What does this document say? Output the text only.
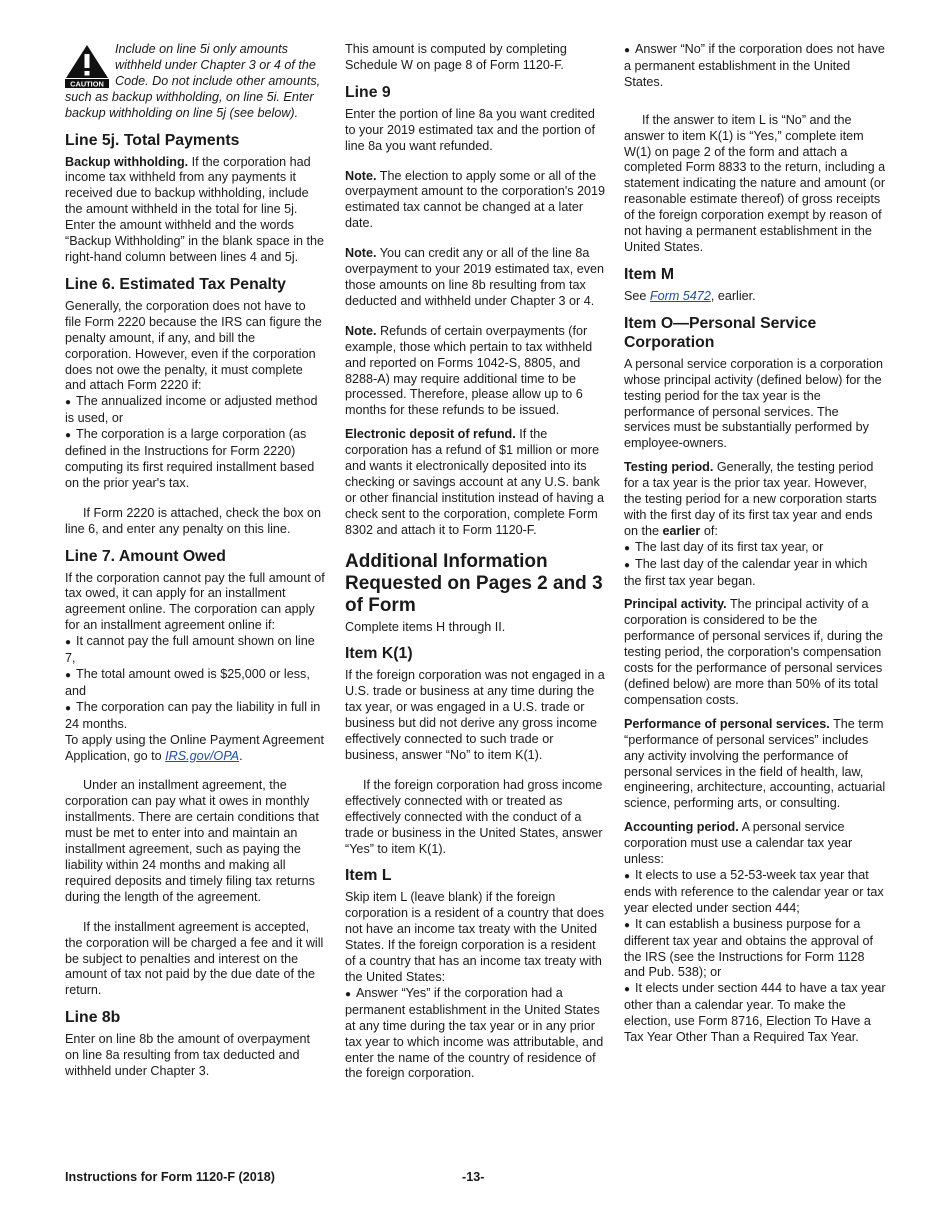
CAUTION
Include on line 5i only amounts withheld under Chapter 3 or 4 of the Code. Do not include other amounts, such as backup withholding, on line 5i. Enter backup withholding on line 5j (see below).
Line 5j. Total Payments

Backup withholding. If the corporation had income tax withheld from any payments it received due to backup withholding, include the amount withheld in the total for line 5j. Enter the amount withheld and the words “Backup Withholding” in the blank space in the right-hand column between lines 4 and 5j.

Line 6. Estimated Tax Penalty

Generally, the corporation does not have to file Form 2220 because the IRS can figure the penalty amount, if any, and bill the corporation. However, even if the corporation does not owe the penalty, it must complete and attach Form 2220 if:

● The annualized income or adjusted method is used, or
● The corporation is a large corporation (as defined in the Instructions for Form 2220) computing its first required installment based on the prior year's tax.

If Form 2220 is attached, check the box on line 6, and enter any penalty on this line.

Line 7. Amount Owed

If the corporation cannot pay the full amount of tax owed, it can apply for an installment agreement online. The corporation can apply for an installment agreement online if:

● It cannot pay the full amount shown on line 7,
● The total amount owed is $25,000 or less, and
● The corporation can pay the liability in full in 24 months.

To apply using the Online Payment Agreement Application, go to IRS.gov/OPA.

Under an installment agreement, the corporation can pay what it owes in monthly installments. There are certain conditions that must be met to enter into and maintain an installment agreement, such as paying the liability within 24 months and making all required deposits and timely filing tax returns during the length of the agreement.

If the installment agreement is accepted, the corporation will be charged a fee and it will be subject to penalties and interest on the amount of tax not paid by the due date of the return.

Line 8b

Enter on line 8b the amount of overpayment on line 8a resulting from tax deducted and withheld under Chapter 3.

This amount is computed by completing Schedule W on page 8 of Form 1120-F.

Line 9

Enter the portion of line 8a you want credited to your 2019 estimated tax and the portion of line 8a you want refunded.

Note. The election to apply some or all of the overpayment amount to the corporation's 2019 estimated tax cannot be changed at a later date.

Note. You can credit any or all of the line 8a overpayment to your 2019 estimated tax, even those amounts on line 8b resulting from tax deducted and withheld under Chapter 3 or 4.

Note. Refunds of certain overpayments (for example, those which pertain to tax withheld and reported on Forms 1042-S, 8805, and 8288-A) may require additional time to be processed. Therefore, please allow up to 6 months for these refunds to be issued.

Electronic deposit of refund. If the corporation has a refund of $1 million or more and wants it electronically deposited into its checking or savings account at any U.S. bank or other financial institution instead of having a check sent to the corporation, complete Form 8302 and attach it to Form 1120-F.

Additional Information Requested on Pages 2 and 3 of Form

Complete items H through II.

Item K(1)

If the foreign corporation was not engaged in a U.S. trade or business at any time during the tax year, or was engaged in a U.S. trade or business but did not derive any gross income effectively connected to such trade or business, answer “No” to item K(1).

If the foreign corporation had gross income effectively connected with or treated as effectively connected with the conduct of a trade or business in the United States, answer “Yes” to item K(1).

Item L

Skip item L (leave blank) if the foreign corporation is a resident of a country that does not have an income tax treaty with the United States. If the foreign corporation is a resident of a country that has an income tax treaty with the United States:

● Answer “Yes” if the corporation had a permanent establishment in the United States at any time during the tax year or in any prior tax year to which income was attributable, and enter the name of the country of residence of the foreign corporation.
● Answer “No” if the corporation does not have a permanent establishment in the United States.

If the answer to item L is “No” and the answer to item K(1) is “Yes,” complete item W(1) on page 2 of the form and attach a completed Form 8833 to the return, including a statement indicating the nature and amount (or reasonable estimate thereof) of gross receipts of the foreign corporation exempt by reason of not having a permanent establishment in the United States.

Item M

See Form 5472, earlier.

Item O—Personal Service Corporation

A personal service corporation is a corporation whose principal activity (defined below) for the testing period for the tax year is the performance of personal services. The services must be substantially performed by employee-owners.

Testing period. Generally, the testing period for a tax year is the prior tax year. However, the testing period for a new corporation starts with the first day of its first tax year and ends on the earlier of:

● The last day of its first tax year, or
● The last day of the calendar year in which the first tax year began.

Principal activity. The principal activity of a corporation is considered to be the performance of personal services if, during the testing period, the corporation's compensation costs for the performance of personal services (defined below) are more than 50% of its total compensation costs.

Performance of personal services. The term “performance of personal services” includes any activity involving the performance of personal services in the field of health, law, engineering, architecture, accounting, actuarial science, performing arts, or consulting.

Accounting period. A personal service corporation must use a calendar tax year unless:

● It elects to use a 52-53-week tax year that ends with reference to the calendar year or tax year elected under section 444;
● It can establish a business purpose for a different tax year and obtains the approval of the IRS (see the Instructions for Form 1128 and Pub. 538); or
● It elects under section 444 to have a tax year other than a calendar year. To make the election, use Form 8716, Election To Have a Tax Year Other Than a Required Tax Year.
Instructions for Form 1120-F (2018)	-13-
